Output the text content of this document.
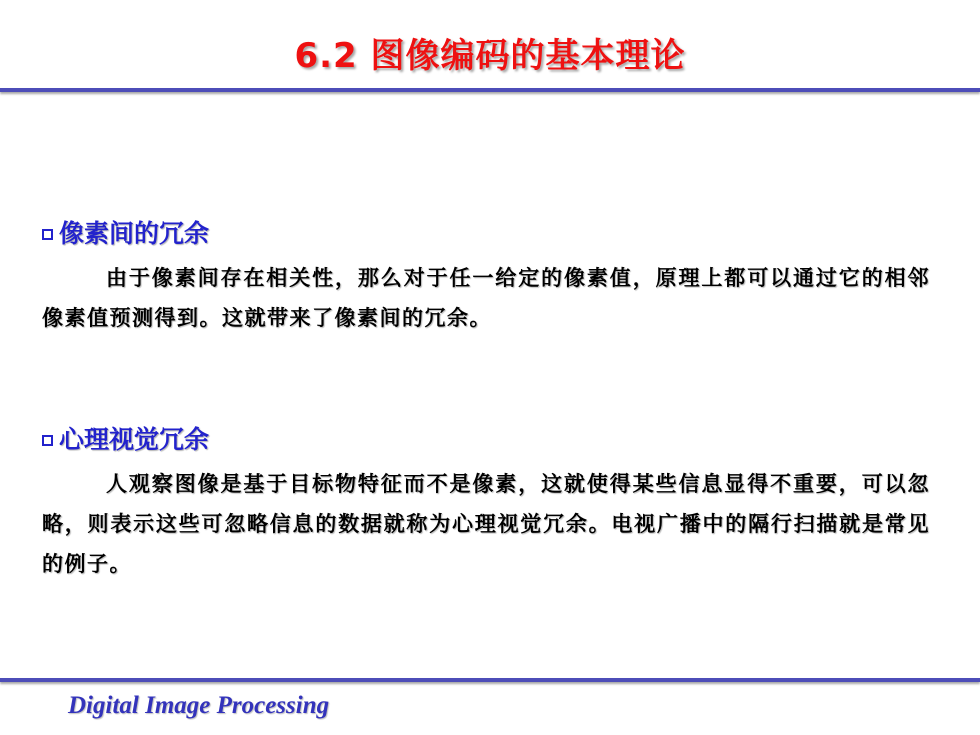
6.2 图像编码的基本理论
像素间的冗余

由于像素间存在相关性，那么对于任一给定的像素值，原理上都可以通过它的相邻像素值预测得到。这就带来了像素间的冗余。

心理视觉冗余

人观察图像是基于目标物特征而不是像素，这就使得某些信息显得不重要，可以忽略，则表示这些可忽略信息的数据就称为心理视觉冗余。电视广播中的隔行扫描就是常见的例子。

Digital Image Processing
